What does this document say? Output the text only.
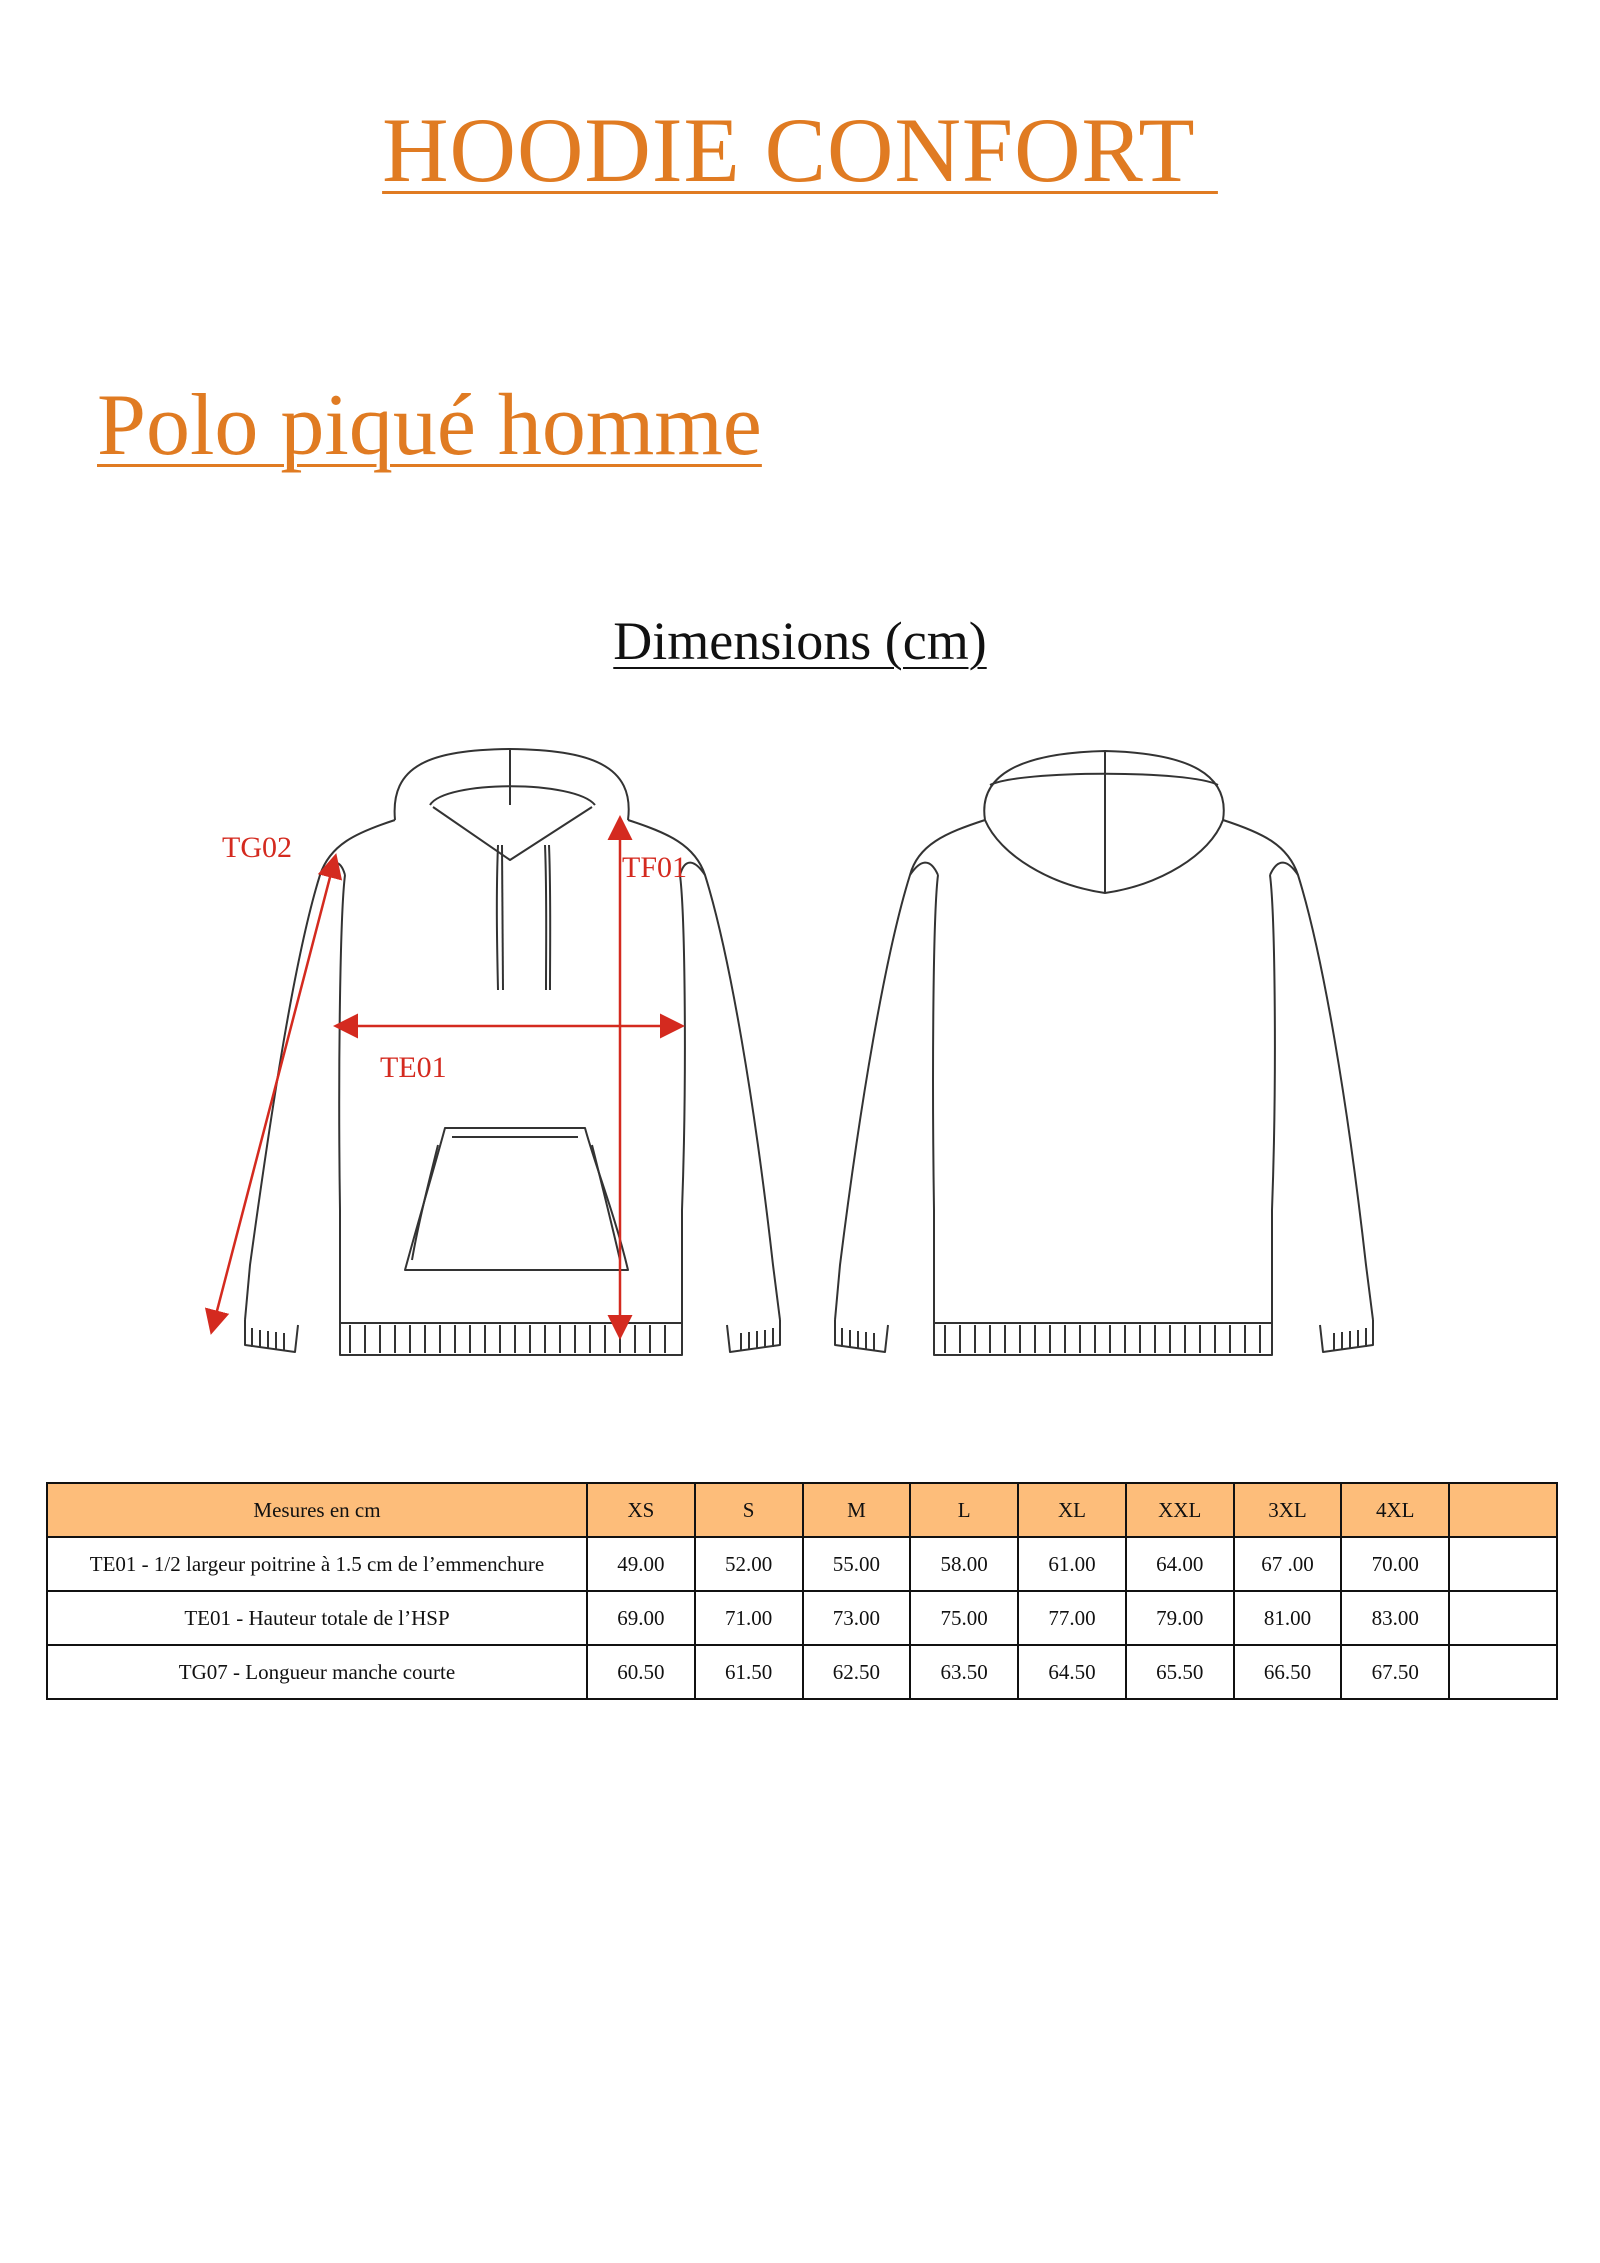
HOODIE CONFORT
Polo piqué homme
Dimensions (cm)
TG02
TF01
TE01
Mesures en cm	XS	S	M	L	XL	XXL	3XL	4XL	
TE01 - 1/2 largeur poitrine à 1.5 cm de l’emmenchure	49.00	52.00	55.00	58.00	61.00	64.00	67 .00	70.00	
TE01 - Hauteur totale de l’HSP	69.00	71.00	73.00	75.00	77.00	79.00	81.00	83.00	
TG07 - Longueur manche courte	60.50	61.50	62.50	63.50	64.50	65.50	66.50	67.50	
